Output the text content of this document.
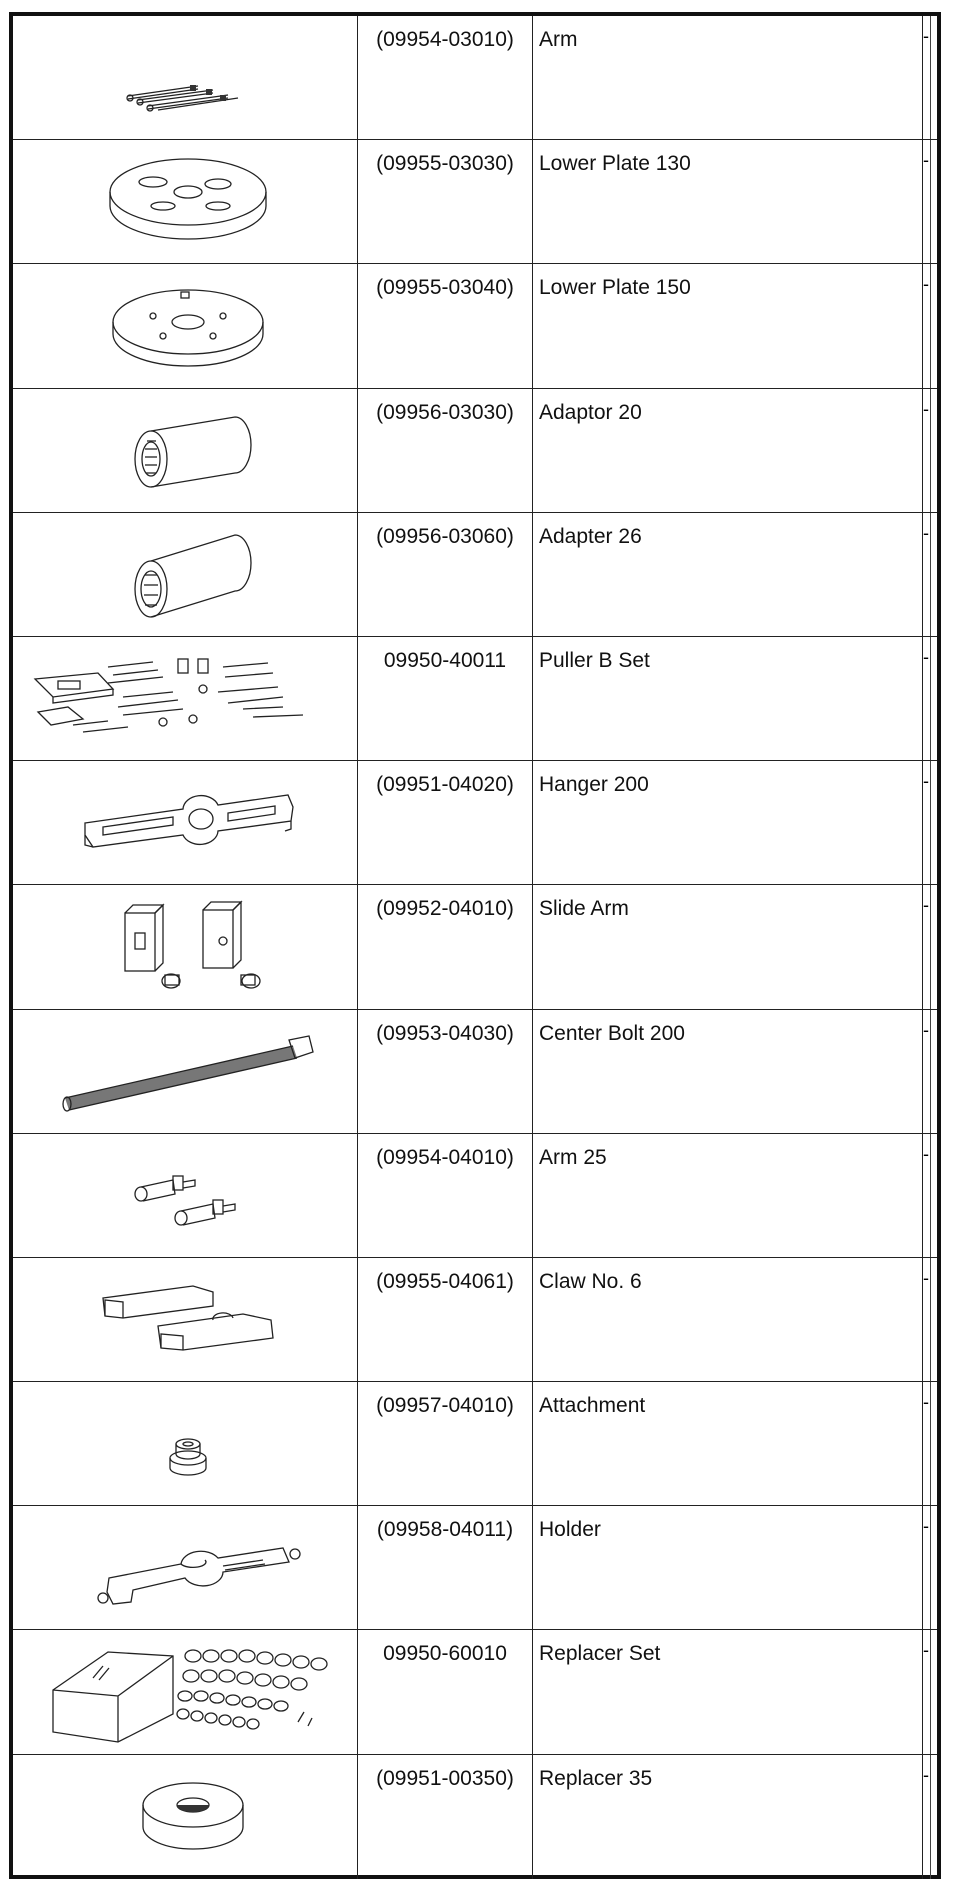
(09954-03010)	Arm	-
(09955-03030)	Lower Plate 130	-
(09955-03040)	Lower Plate 150	-
(09956-03030)	Adaptor 20	-
(09956-03060)	Adapter 26	-
09950-40011	Puller B Set	-
(09951-04020)	Hanger 200	-
(09952-04010)	Slide Arm	-
(09953-04030)	Center Bolt 200	-
(09954-04010)	Arm 25	-
(09955-04061)	Claw No. 6	-
(09957-04010)	Attachment	-
(09958-04011)	Holder	-
09950-60010	Replacer Set	-
(09951-00350)	Replacer 35	-
